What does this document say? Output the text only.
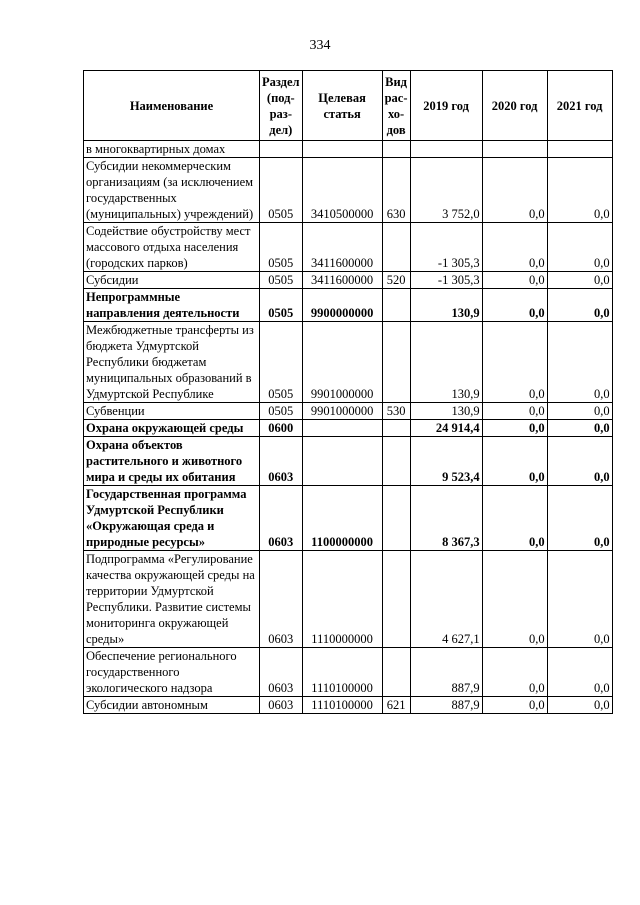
334
Наименование	Раздел (под-раз-дел)	Целевая статья	Вид рас-хо-дов	2019 год	2020 год	2021 год
в многоквартирных домах						
Субсидии некоммерческим организациям (за исключением государственных (муниципальных) учреждений)	0505	3410500000	630	3 752,0	0,0	0,0
Содействие обустройству мест массового отдыха населения (городских парков)	0505	3411600000		-1 305,3	0,0	0,0
Субсидии	0505	3411600000	520	-1 305,3	0,0	0,0
Непрограммные направления деятельности	0505	9900000000		130,9	0,0	0,0
Межбюджетные трансферты из бюджета Удмуртской Республики бюджетам муниципальных образований в Удмуртской Республике	0505	9901000000		130,9	0,0	0,0
Субвенции	0505	9901000000	530	130,9	0,0	0,0
Охрана окружающей среды	0600			24 914,4	0,0	0,0
Охрана объектов растительного и животного мира и среды их обитания	0603			9 523,4	0,0	0,0
Государственная программа Удмуртской Республики «Окружающая среда и природные ресурсы»	0603	1100000000		8 367,3	0,0	0,0
Подпрограмма «Регулирование качества окружающей среды на территории Удмуртской Республики. Развитие системы мониторинга окружающей среды»	0603	1110000000		4 627,1	0,0	0,0
Обеспечение регионального государственного экологического надзора	0603	1110100000		887,9	0,0	0,0
Субсидии автономным	0603	1110100000	621	887,9	0,0	0,0
